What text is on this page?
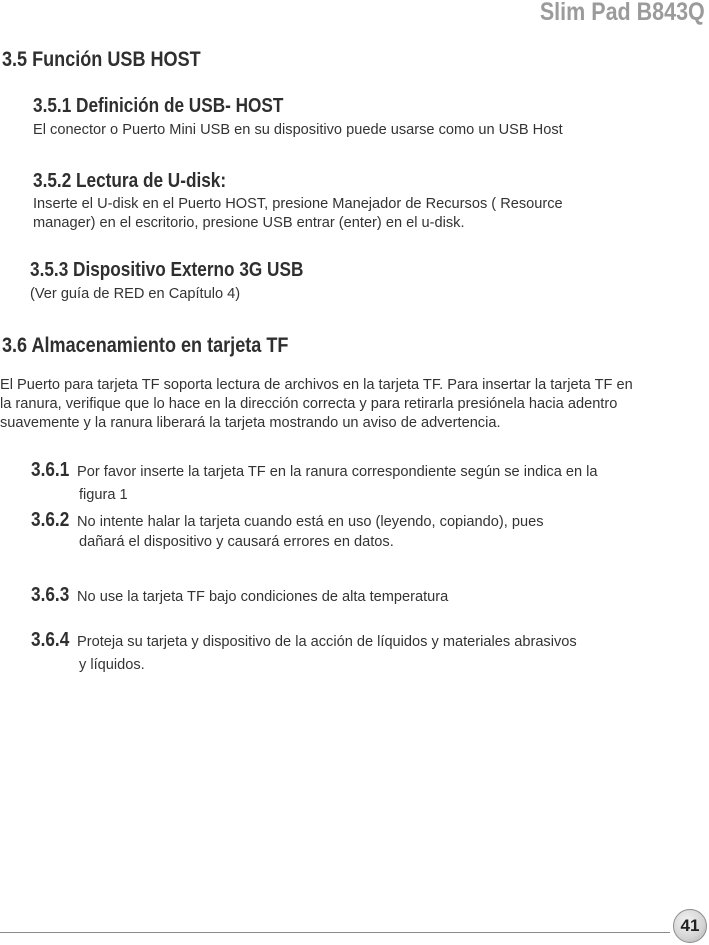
Slim Pad B843Q
3.5 Función USB HOST
3.5.1 Definición de USB- HOST
El conector o Puerto Mini USB en su dispositivo puede usarse como un USB Host
3.5.2 Lectura de U-disk:
Inserte el U-disk en el Puerto HOST, presione Manejador de Recursos ( Resource
manager) en el escritorio, presione USB entrar (enter) en el u-disk.
3.5.3 Dispositivo Externo 3G USB
(Ver guía de RED en Capítulo 4)
3.6 Almacenamiento en tarjeta TF
El Puerto para tarjeta TF soporta lectura de archivos en la tarjeta TF. Para insertar la tarjeta TF en
la ranura, verifique que lo hace en la dirección correcta y para retirarla presiónela hacia adentro
suavemente y la ranura liberará la tarjeta mostrando un aviso de advertencia.
3.6.1 Por favor inserte la tarjeta TF en la ranura correspondiente según se indica en la
figura 1
3.6.2 No intente halar la tarjeta cuando está en uso (leyendo, copiando), pues
dañará el dispositivo y causará errores en datos.
3.6.3 No use la tarjeta TF bajo condiciones de alta temperatura
3.6.4 Proteja su tarjeta y dispositivo de la acción de líquidos y materiales abrasivos
y líquidos.
41
